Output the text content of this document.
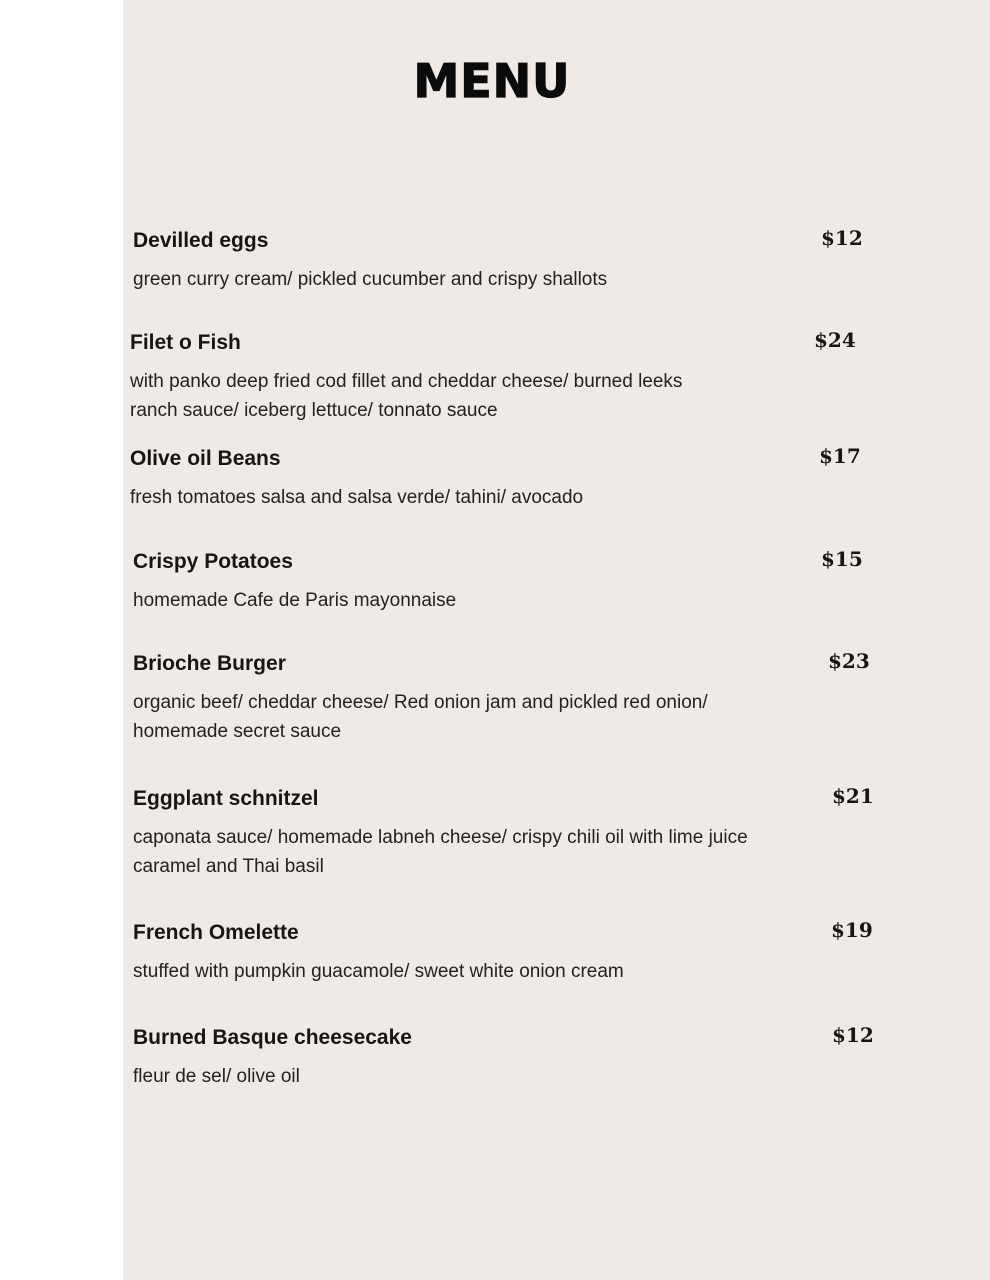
MENU
Devilled eggs
green curry cream/ pickled cucumber and crispy shallots
$12
Filet o Fish
with panko deep fried cod fillet and cheddar cheese/ burned leeks ranch sauce/ iceberg lettuce/ tonnato sauce
$24
Olive oil Beans
fresh tomatoes salsa and salsa verde/ tahini/ avocado
$17
Crispy Potatoes
homemade Cafe de Paris mayonnaise
$15
Brioche Burger
organic beef/ cheddar cheese/ Red onion jam and pickled red onion/ homemade secret sauce
$23
Eggplant schnitzel
caponata sauce/ homemade labneh cheese/ crispy chili oil with lime juice caramel and Thai basil
$21
French Omelette
stuffed with pumpkin guacamole/ sweet white onion cream
$19
Burned Basque cheesecake
fleur de sel/ olive oil
$12
